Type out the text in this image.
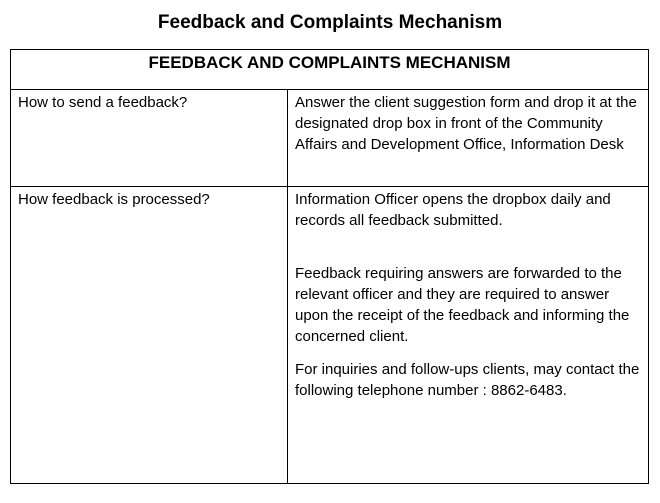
Feedback and Complaints Mechanism
FEEDBACK AND COMPLAINTS MECHANISM
How to send a feedback?	Answer the client suggestion form and drop it at the designated drop box in front of the Community Affairs and Development Office, Information Desk

How feedback is processed?	Information Officer opens the dropbox daily and records all feedback submitted.

Feedback requiring answers are forwarded to the relevant officer and they are required to answer upon the receipt of the feedback and informing the concerned client.

For inquiries and follow-ups clients, may contact the following telephone number : 8862-6483.
